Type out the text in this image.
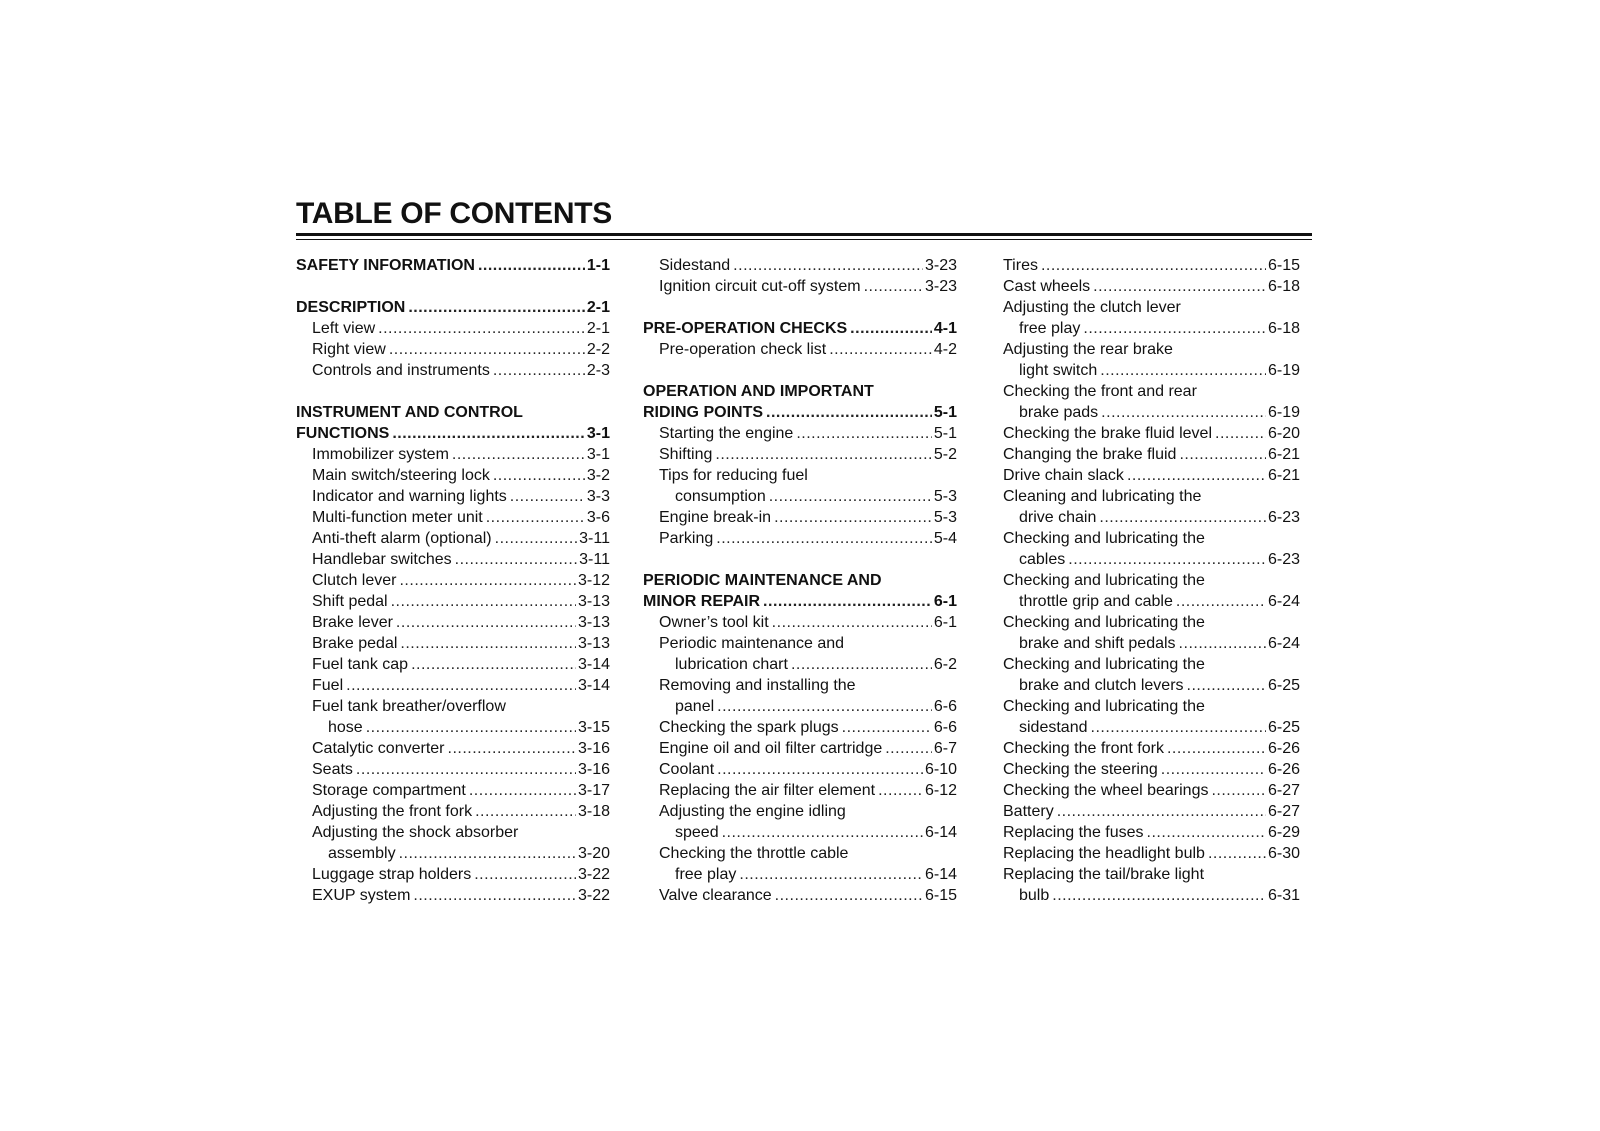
TABLE OF CONTENTS
SAFETY INFORMATION .....	1-1
DESCRIPTION .....	2-1
Left view .....	2-1
Right view .....	2-2
Controls and instruments .....	2-3
INSTRUMENT AND CONTROL
FUNCTIONS .....	3-1
Immobilizer system .....	3-1
Main switch/steering lock .....	3-2
Indicator and warning lights .....	3-3
Multi-function meter unit .....	3-6
Anti-theft alarm (optional) .....	3-11
Handlebar switches .....	3-11
Clutch lever .....	3-12
Shift pedal .....	3-13
Brake lever .....	3-13
Brake pedal .....	3-13
Fuel tank cap .....	3-14
Fuel .....	3-14
Fuel tank breather/overflow
hose .....	3-15
Catalytic converter .....	3-16
Seats .....	3-16
Storage compartment .....	3-17
Adjusting the front fork .....	3-18
Adjusting the shock absorber
assembly .....	3-20
Luggage strap holders .....	3-22
EXUP system .....	3-22
Sidestand .....	3-23
Ignition circuit cut-off system .....	3-23
PRE-OPERATION CHECKS .....	4-1
Pre-operation check list .....	4-2
OPERATION AND IMPORTANT
RIDING POINTS .....	5-1
Starting the engine .....	5-1
Shifting .....	5-2
Tips for reducing fuel
consumption .....	5-3
Engine break-in .....	5-3
Parking .....	5-4
PERIODIC MAINTENANCE AND
MINOR REPAIR .....	6-1
Owner’s tool kit .....	6-1
Periodic maintenance and
lubrication chart .....	6-2
Removing and installing the
panel .....	6-6
Checking the spark plugs .....	6-6
Engine oil and oil filter cartridge .....	6-7
Coolant .....	6-10
Replacing the air filter element .....	6-12
Adjusting the engine idling
speed .....	6-14
Checking the throttle cable
free play .....	6-14
Valve clearance .....	6-15
Tires .....	6-15
Cast wheels .....	6-18
Adjusting the clutch lever
free play .....	6-18
Adjusting the rear brake
light switch .....	6-19
Checking the front and rear
brake pads .....	6-19
Checking the brake fluid level .....	6-20
Changing the brake fluid .....	6-21
Drive chain slack .....	6-21
Cleaning and lubricating the
drive chain .....	6-23
Checking and lubricating the
cables .....	6-23
Checking and lubricating the
throttle grip and cable .....	6-24
Checking and lubricating the
brake and shift pedals .....	6-24
Checking and lubricating the
brake and clutch levers .....	6-25
Checking and lubricating the
sidestand .....	6-25
Checking the front fork .....	6-26
Checking the steering .....	6-26
Checking the wheel bearings .....	6-27
Battery .....	6-27
Replacing the fuses .....	6-29
Replacing the headlight bulb .....	6-30
Replacing the tail/brake light
bulb .....	6-31
